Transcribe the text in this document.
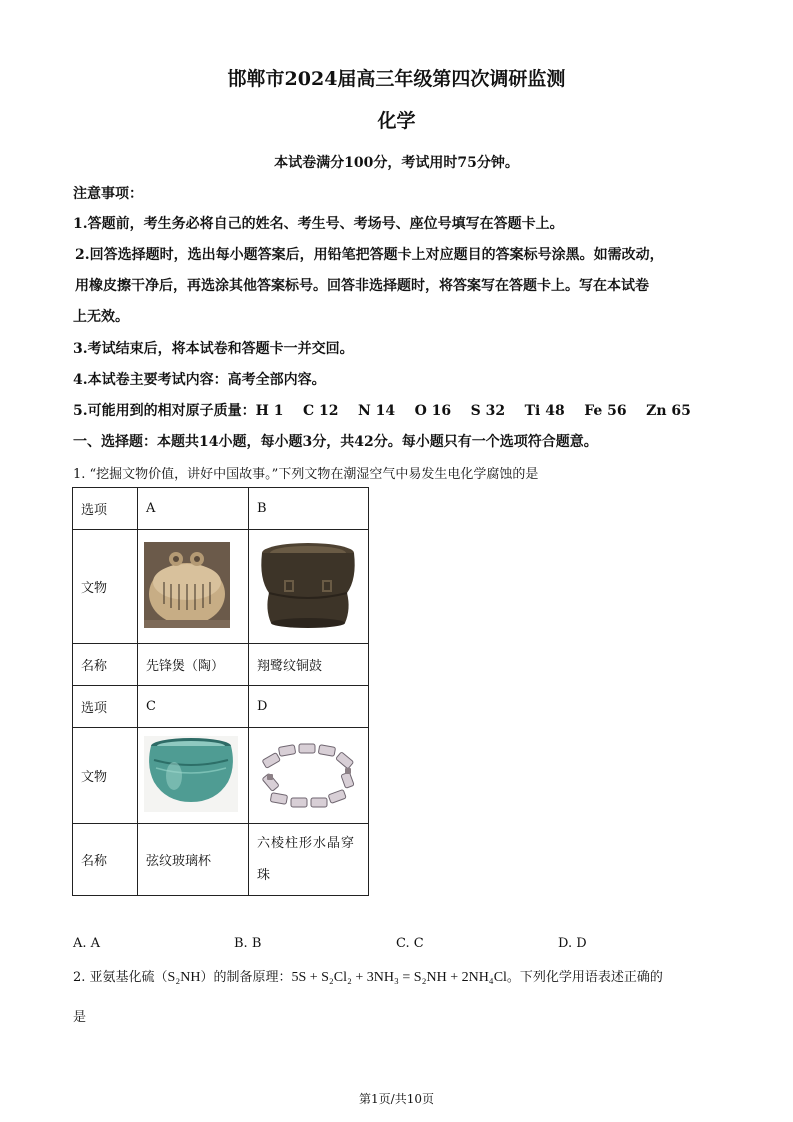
邯郸市2024届高三年级第四次调研监测
化学
本试卷满分100分，考试用时75分钟。
注意事项：
1.答题前，考生务必将自己的姓名、考生号、考场号、座位号填写在答题卡上。
2.回答选择题时，选出每小题答案后，用铅笔把答题卡上对应题目的答案标号涂黑。如需改动，
用橡皮擦干净后，再选涂其他答案标号。回答非选择题时，将答案写在答题卡上。写在本试卷
上无效。
3.考试结束后，将本试卷和答题卡一并交回。
4.本试卷主要考试内容：高考全部内容。
5.可能用到的相对原子质量：H 1    C 12    N 14    O 16    S 32    Ti 48    Fe 56    Zn 65
一、选择题：本题共14小题，每小题3分，共42分。每小题只有一个选项符合题意。
1. “挖掘文物价值，讲好中国故事。”下列文物在潮湿空气中易发生电化学腐蚀的是
选项	A	B
文物		
名称	先锋煲（陶）	翔鹭纹铜鼓
选项	C	D
文物		
名称	弦纹玻璃杯	六棱柱形水晶穿
珠
A. A	B. B	C. C	D. D
2. 亚氨基化硫（S₂NH）的制备原理：5S + S₂Cl₂ + 3NH₃ = S₂NH + 2NH₄Cl。下列化学用语表述正确的
是
第1页/共10页
